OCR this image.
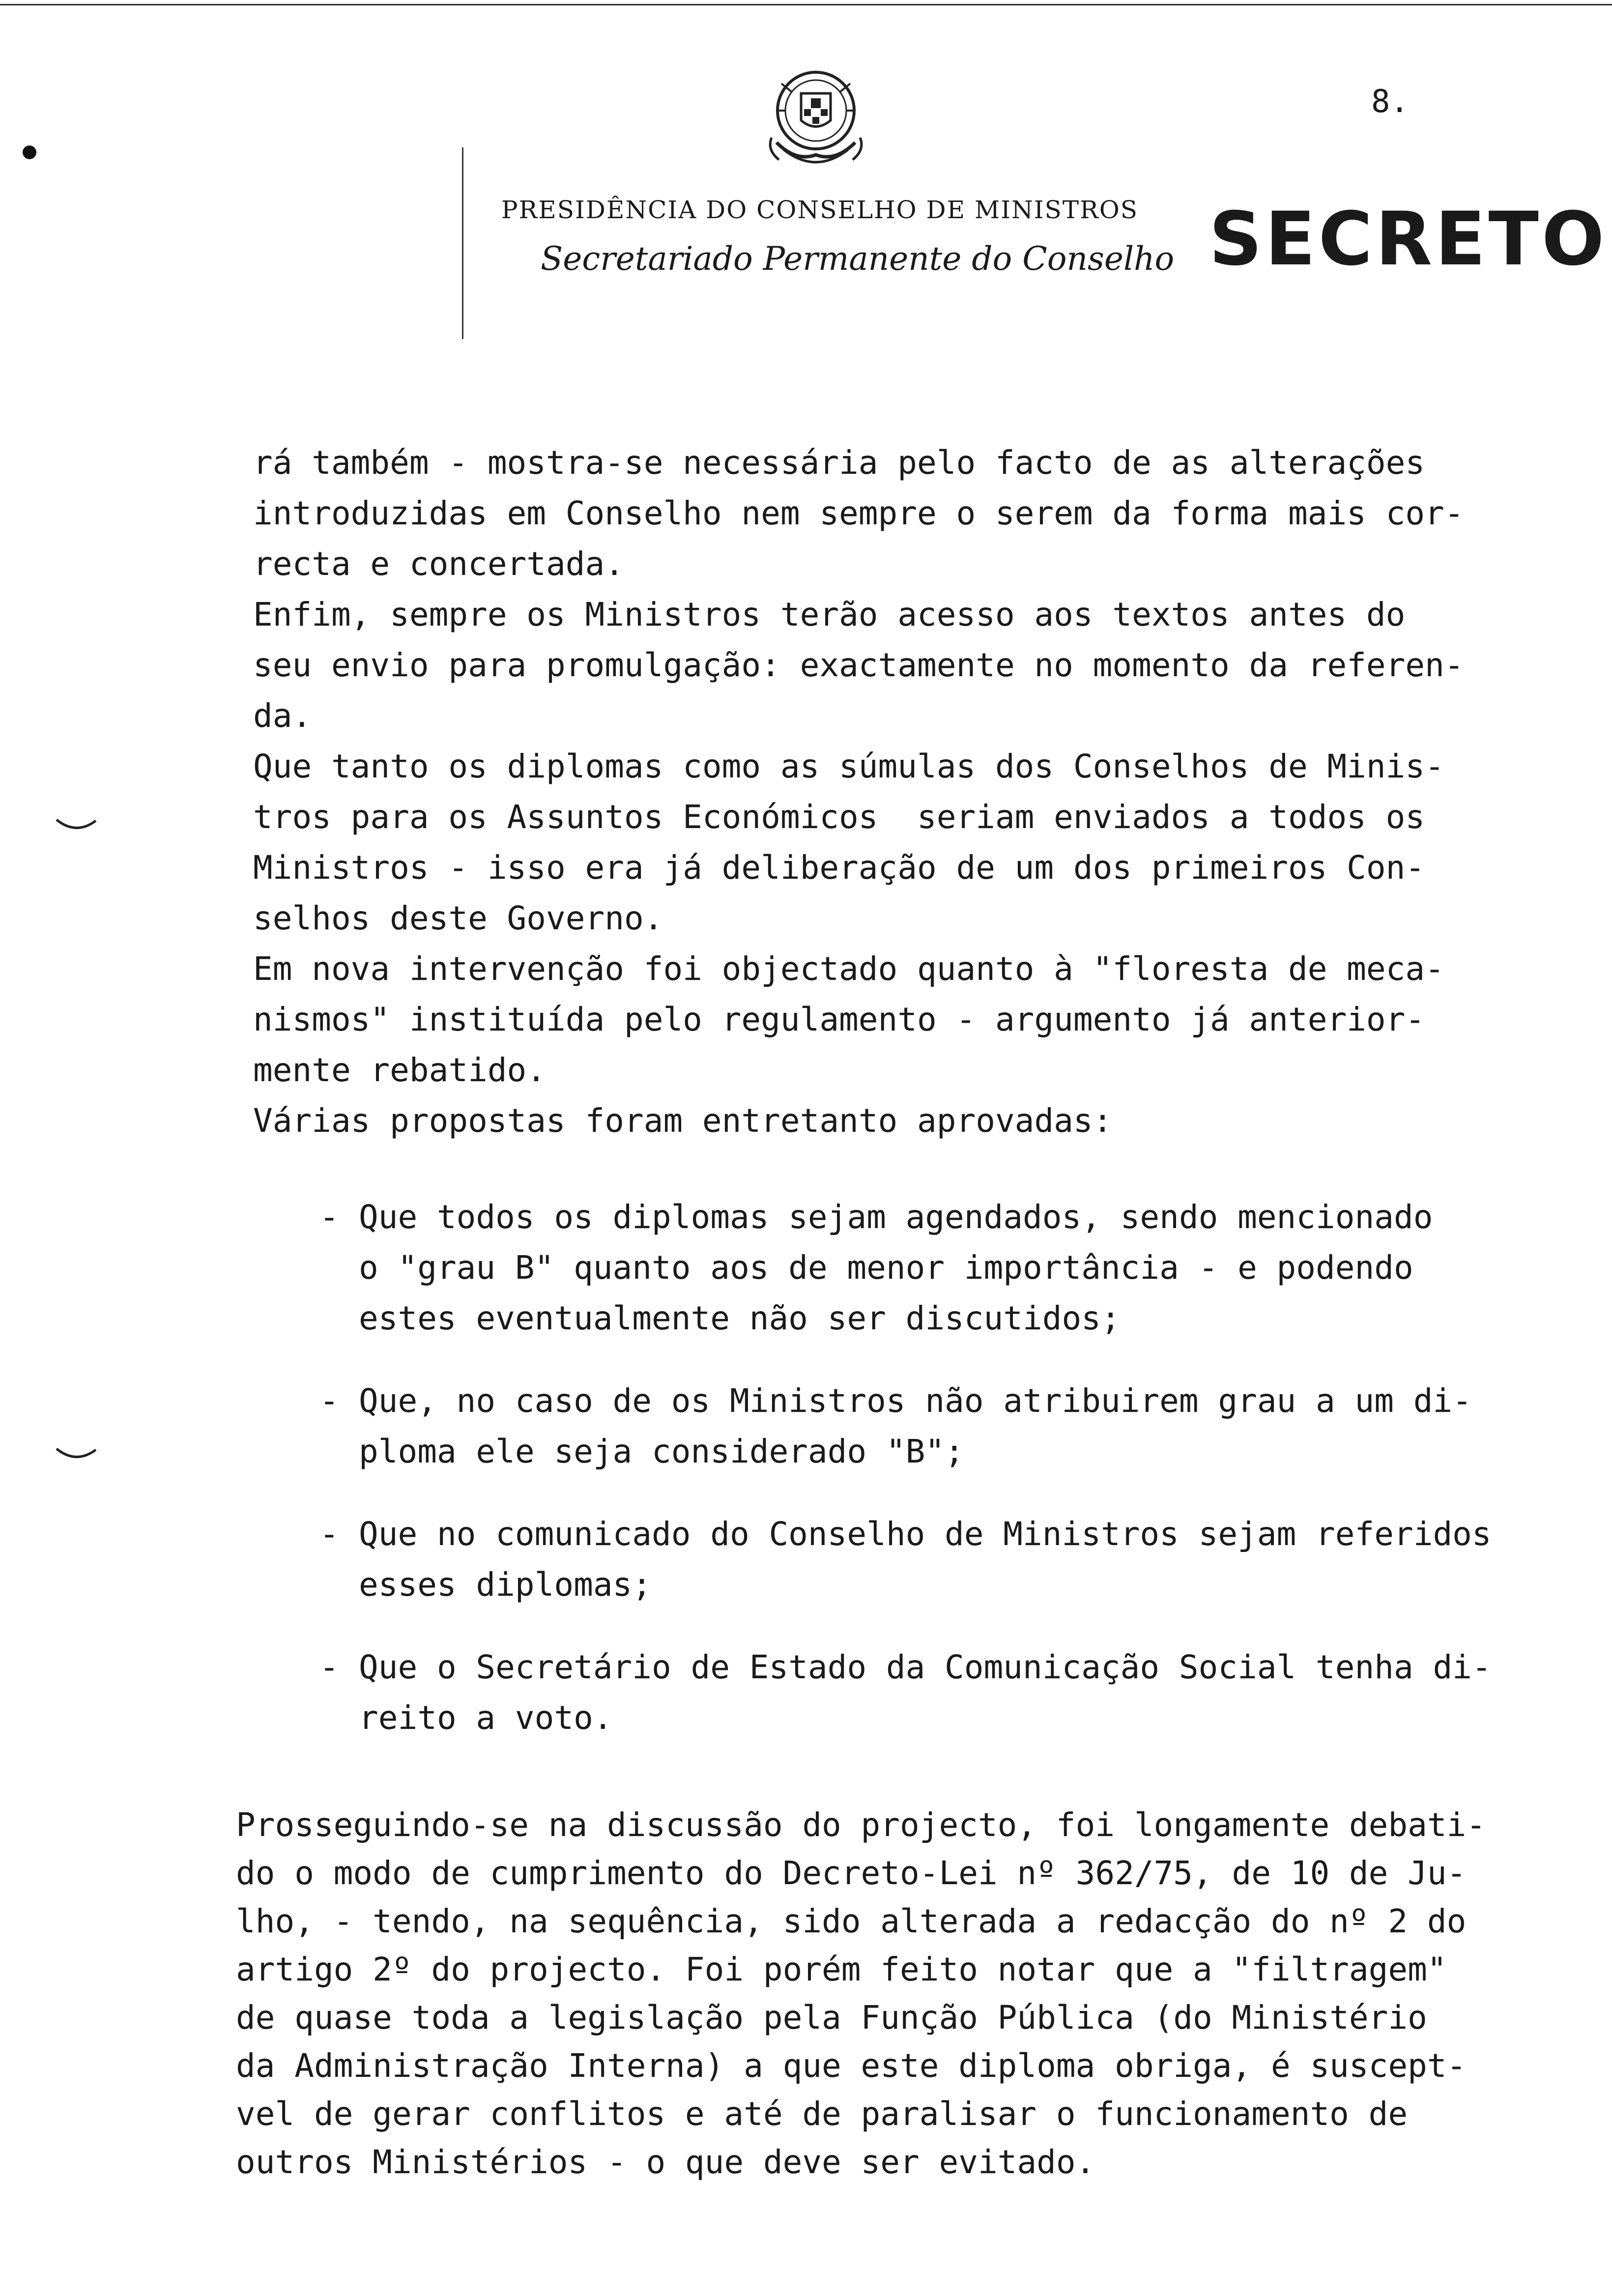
8.
PRESIDÊNCIA DO CONSELHO DE MINISTROS
Secretariado Permanente do Conselho SECRETO

rá também - mostra-se necessária pelo facto de as alterações

introduzidas em Conselho nem sempre o serem da forma mais cor-

recta e concertada.

Enfim, sempre os Ministros terão acesso aos textos antes do

seu envio para promulgação: exactamente no momento da referen-

da.

Que tanto os diplomas como as súmulas dos Conselhos de Minis-

tros para os Assuntos Económicos  seriam enviados a todos os

Ministros - isso era já deliberação de um dos primeiros Con-

selhos deste Governo.

Em nova intervenção foi objectado quanto à "floresta de meca-

nismos" instituída pelo regulamento - argumento já anterior-

mente rebatido.

Várias propostas foram entretanto aprovadas:

- Que todos os diplomas sejam agendados, sendo mencionado

o "grau B" quanto aos de menor importância - e podendo

estes eventualmente não ser discutidos;

- Que, no caso de os Ministros não atribuirem grau a um di-

ploma ele seja considerado "B";

- Que no comunicado do Conselho de Ministros sejam referidos

esses diplomas;

- Que o Secretário de Estado da Comunicação Social tenha di-

reito a voto.

Prosseguindo-se na discussão do projecto, foi longamente debati-

do o modo de cumprimento do Decreto-Lei nº 362/75, de 10 de Ju-

lho, - tendo, na sequência, sido alterada a redacção do nº 2 do

artigo 2º do projecto. Foi porém feito notar que a "filtragem"

de quase toda a legislação pela Função Pública (do Ministério

da Administração Interna) a que este diploma obriga, é suscept-

vel de gerar conflitos e até de paralisar o funcionamento de

outros Ministérios - o que deve ser evitado.
